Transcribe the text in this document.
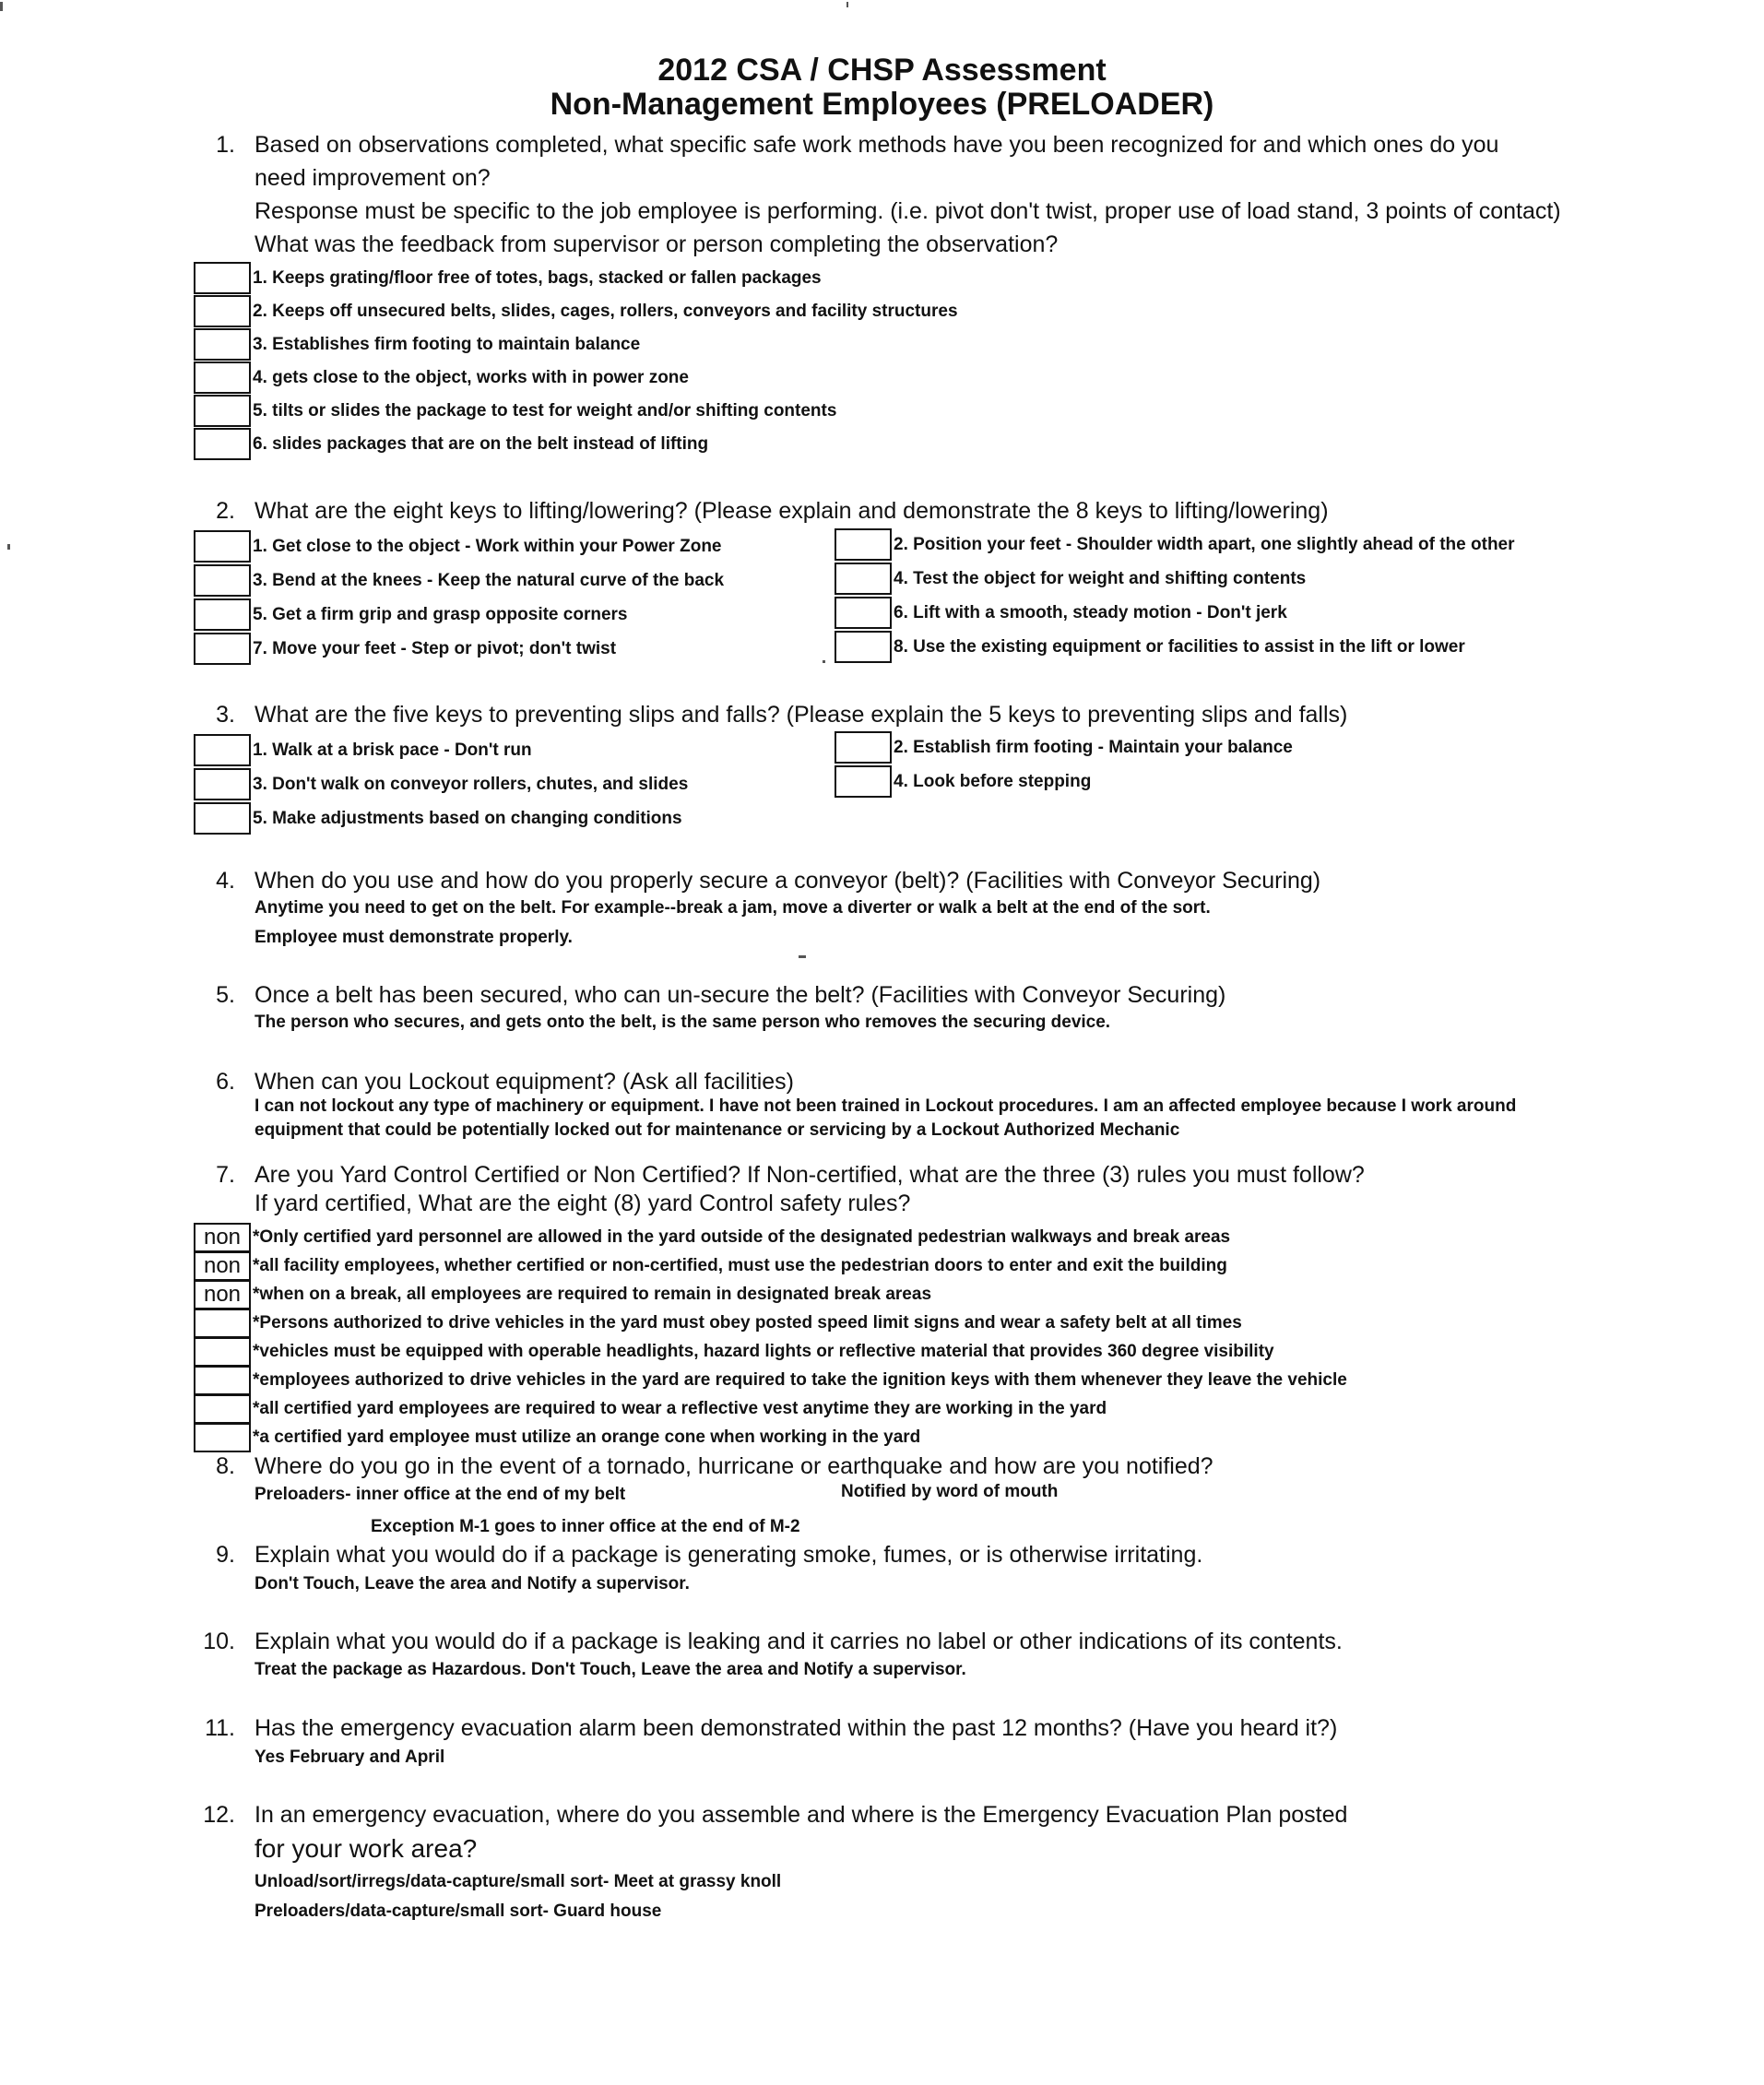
2012 CSA / CHSP Assessment
Non-Management Employees (PRELOADER)
1. Based on observations completed, what specific safe work methods have you been recognized for and which ones do you
need improvement on?
Response must be specific to the job employee is performing. (i.e. pivot don't twist, proper use of load stand, 3 points of contact)
What was the feedback from supervisor or person completing the observation?
1. Keeps grating/floor free of totes, bags, stacked or fallen packages
2. Keeps off unsecured belts, slides, cages, rollers, conveyors and facility structures
3. Establishes firm footing to maintain balance
4. gets close to the object, works with in power zone
5. tilts or slides the package to test for weight and/or shifting contents
6. slides packages that are on the belt instead of lifting
2. What are the eight keys to lifting/lowering? (Please explain and demonstrate the 8 keys to lifting/lowering)
1. Get close to the object - Work within your Power Zone
3. Bend at the knees - Keep the natural curve of the back
5. Get a firm grip and grasp opposite corners
7. Move your feet - Step or pivot; don't twist
2. Position your feet - Shoulder width apart, one slightly ahead of the other
4. Test the object for weight and shifting contents
6. Lift with a smooth, steady motion - Don't jerk
8. Use the existing equipment or facilities to assist in the lift or lower
3. What are the five keys to preventing slips and falls? (Please explain the 5 keys to preventing slips and falls)
1. Walk at a brisk pace - Don't run
3. Don't walk on conveyor rollers, chutes, and slides
5. Make adjustments based on changing conditions
2. Establish firm footing - Maintain your balance
4. Look before stepping
4. When do you use and how do you properly secure a conveyor (belt)? (Facilities with Conveyor Securing)
Anytime you need to get on the belt. For example--break a jam, move a diverter or walk a belt at the end of the sort.
Employee must demonstrate properly.
5. Once a belt has been secured, who can un-secure the belt? (Facilities with Conveyor Securing)
The person who secures, and gets onto the belt, is the same person who removes the securing device.
6. When can you Lockout equipment? (Ask all facilities)
I can not lockout any type of machinery or equipment. I have not been trained in Lockout procedures. I am an affected employee because I work around
equipment that could be potentially locked out for maintenance or servicing by a Lockout Authorized Mechanic
7. Are you Yard Control Certified or Non Certified? If Non-certified, what are the three (3) rules you must follow?
If yard certified, What are the eight (8) yard Control safety rules?
non *Only certified yard personnel are allowed in the yard outside of the designated pedestrian walkways and break areas
non *all facility employees, whether certified or non-certified, must use the pedestrian doors to enter and exit the building
non *when on a break, all employees are required to remain in designated break areas
*Persons authorized to drive vehicles in the yard must obey posted speed limit signs and wear a safety belt at all times
*vehicles must be equipped with operable headlights, hazard lights or reflective material that provides 360 degree visibility
*employees authorized to drive vehicles in the yard are required to take the ignition keys with them whenever they leave the vehicle
*all certified yard employees are required to wear a reflective vest anytime they are working in the yard
*a certified yard employee must utilize an orange cone when working in the yard
8. Where do you go in the event of a tornado, hurricane or earthquake and how are you notified?
Preloaders- inner office at the end of my belt	Notified by word of mouth
Exception M-1 goes to inner office at the end of M-2
9. Explain what you would do if a package is generating smoke, fumes, or is otherwise irritating.
Don't Touch, Leave the area and Notify a supervisor.
10. Explain what you would do if a package is leaking and it carries no label or other indications of its contents.
Treat the package as Hazardous. Don't Touch, Leave the area and Notify a supervisor.
11. Has the emergency evacuation alarm been demonstrated within the past 12 months? (Have you heard it?)
Yes February and April
12. In an emergency evacuation, where do you assemble and where is the Emergency Evacuation Plan posted
for your work area?
Unload/sort/irregs/data-capture/small sort- Meet at grassy knoll
Preloaders/data-capture/small sort- Guard house
